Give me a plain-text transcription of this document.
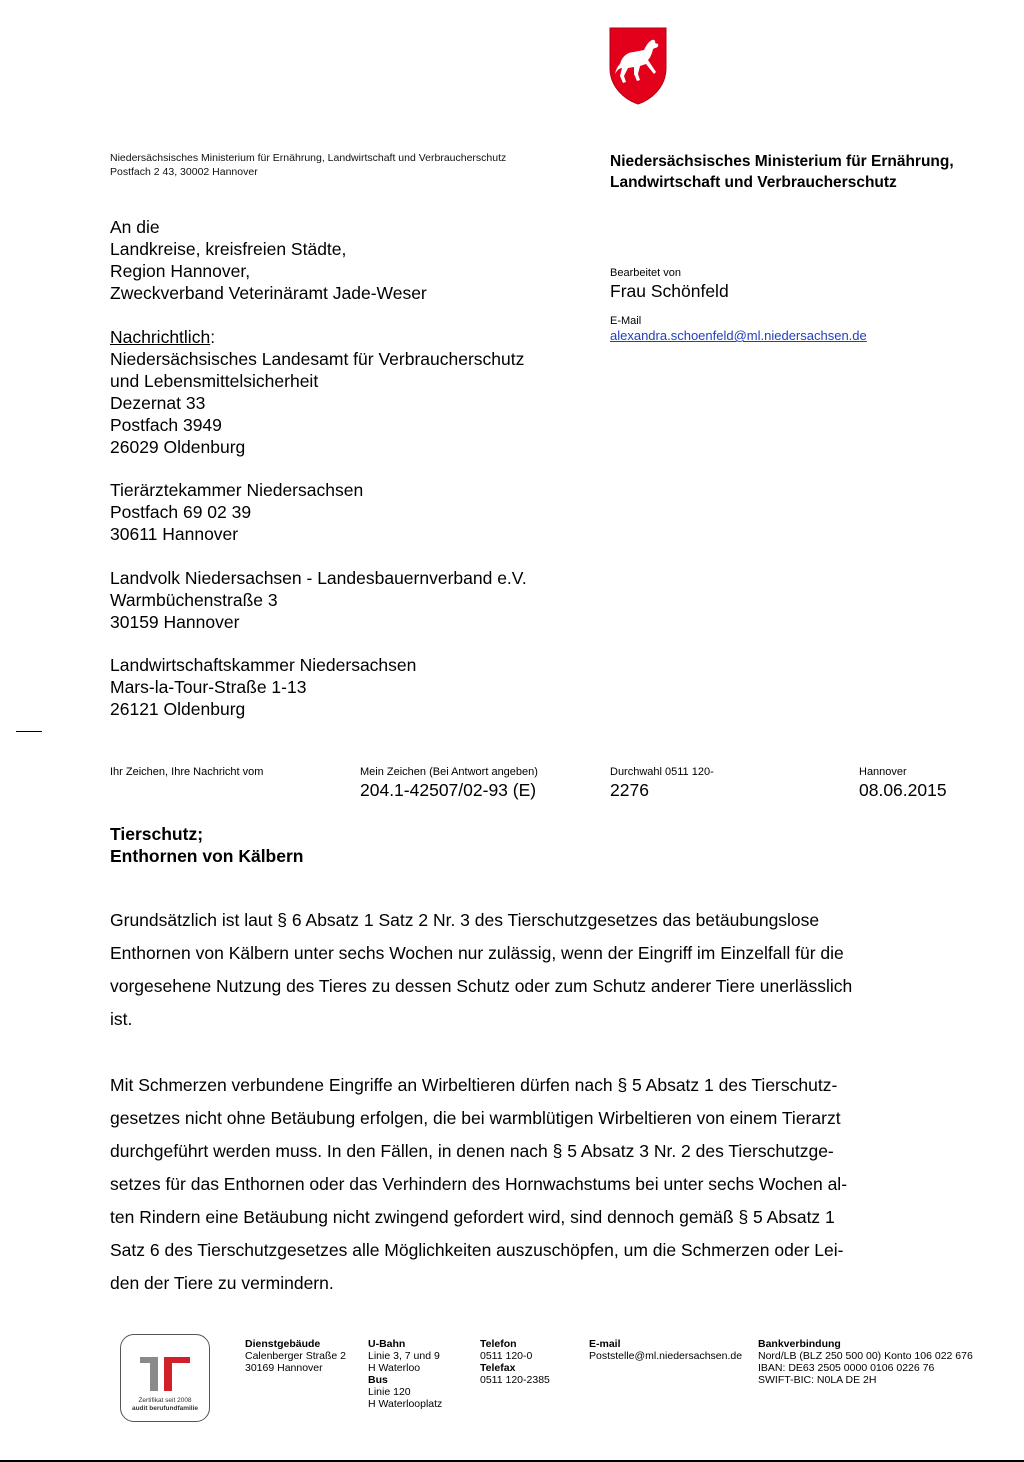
Niedersächsisches Ministerium für Ernährung, Landwirtschaft und Verbraucherschutz
Postfach 2 43, 30002 Hannover
Niedersächsisches Ministerium für Ernährung,
Landwirtschaft und Verbraucherschutz
An die
Landkreise, kreisfreien Städte,
Region Hannover,
Zweckverband Veterinäramt Jade-Weser
Nachrichtlich:
Niedersächsisches Landesamt für Verbraucherschutz
und Lebensmittelsicherheit
Dezernat 33
Postfach 3949
26029 Oldenburg
Tierärztekammer Niedersachsen
Postfach 69 02 39
30611 Hannover
Landvolk Niedersachsen - Landesbauernverband e.V.
Warmbüchenstraße 3
30159 Hannover
Landwirtschaftskammer Niedersachsen
Mars-la-Tour-Straße 1-13
26121 Oldenburg
Bearbeitet von
Frau Schönfeld
E-Mail
alexandra.schoenfeld@ml.niedersachsen.de
Ihr Zeichen, Ihre Nachricht vom	Mein Zeichen (Bei Antwort angeben)
204.1-42507/02-93 (E)
Durchwahl 0511 120-
2276
Hannover
08.06.2015
Tierschutz;
Enthornen von Kälbern
Grundsätzlich ist laut § 6 Absatz 1 Satz 2 Nr. 3 des Tierschutzgesetzes das betäubungslose
Enthornen von Kälbern unter sechs Wochen nur zulässig, wenn der Eingriff im Einzelfall für die
vorgesehene Nutzung des Tieres zu dessen Schutz oder zum Schutz anderer Tiere unerlässlich
ist.
Mit Schmerzen verbundene Eingriffe an Wirbeltieren dürfen nach § 5 Absatz 1 des Tierschutz-
gesetzes nicht ohne Betäubung erfolgen, die bei warmblütigen Wirbeltieren von einem Tierarzt
durchgeführt werden muss. In den Fällen, in denen nach § 5 Absatz 3 Nr. 2 des Tierschutzge-
setzes für das Enthornen oder das Verhindern des Hornwachstums bei unter sechs Wochen al-
ten Rindern eine Betäubung nicht zwingend gefordert wird, sind dennoch gemäß § 5 Absatz 1
Satz 6 des Tierschutzgesetzes alle Möglichkeiten auszuschöpfen, um die Schmerzen oder Lei-
den der Tiere zu vermindern.
Zertifikat seit 2008
audit berufundfamilie
Dienstgebäude
Calenberger Straße 2
30169 Hannover
U-Bahn
Linie 3, 7 und 9
H Waterloo
Bus
Linie 120
H Waterlooplatz
Telefon
0511 120-0
Telefax
0511 120-2385
E-mail
Poststelle@ml.niedersachsen.de
Bankverbindung
Nord/LB (BLZ 250 500 00) Konto 106 022 676
IBAN: DE63 2505 0000 0106 0226 76
SWIFT-BIC: N0LA DE 2H
